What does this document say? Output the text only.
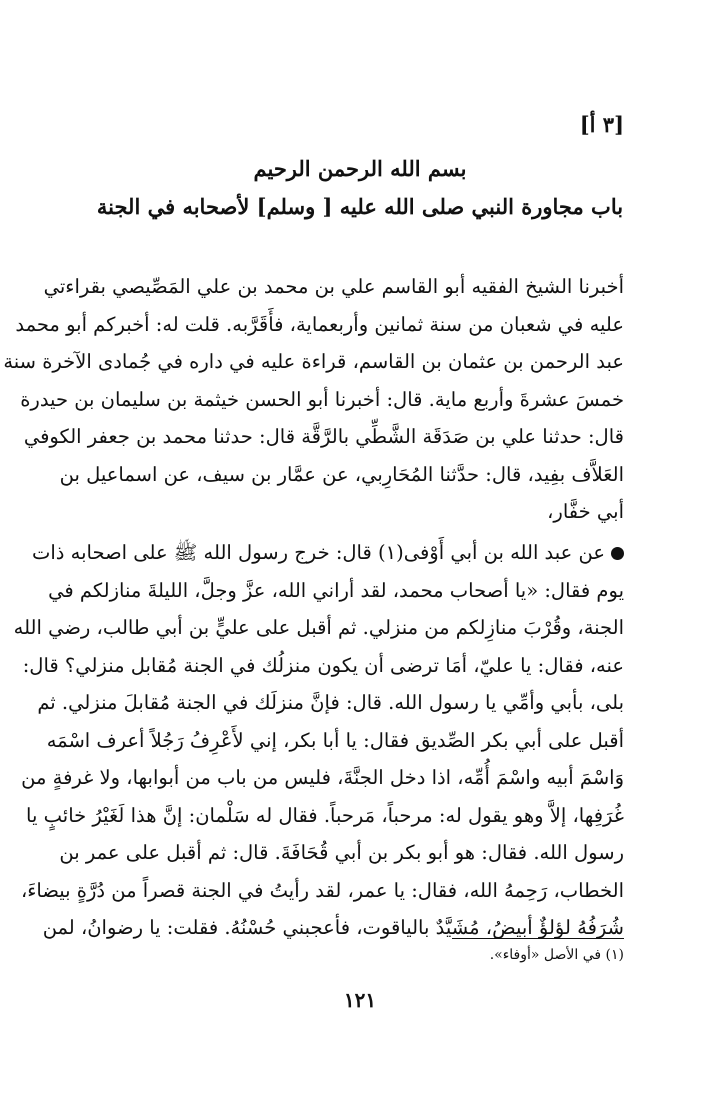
[٣ أ]
بسم الله الرحمن الرحيم
باب مجاورة النبي صلى الله عليه [ وسلم] لأصحابه في الجنة
أخبرنا الشيخ الفقيه أبو القاسم علي بن محمد بن علي المَصِّيصي بقراءتي
عليه في شعبان من سنة ثمانين وأربعماية، فأَقَرَّبه. قلت له: أخبركم أبو محمد
عبد الرحمن بن عثمان بن القاسم، قراءة عليه في داره في جُمادى الآخرة سنة
خمسَ عشرةَ وأربع ماية. قال: أخبرنا أبو الحسن خيثمة بن سليمان بن حيدرة
قال: حدثنا علي بن صَدَقَة الشَّطِّي بالرَّقَّة قال: حدثنا محمد بن جعفر الكوفي
العَلاَّف بفِيد، قال: حدَّثنا المُحَارِبي، عن عمَّار بن سيف، عن اسماعيل بن
أبي خفَّار،
عن عبد الله بن أبي أَوْفى(١) قال: خرج رسول الله ﷺ على اصحابه ذات
يوم فقال: «يا أصحاب محمد، لقد أراني الله، عزَّ وجلَّ، الليلةَ منازلكم في
الجنة، وقُرْبَ منازِلكم من منزلي. ثم أقبل على عليٍّ بن أبي طالب، رضي الله
عنه، فقال: يا عليّ، أمَا ترضى أن يكون منزلُك في الجنة مُقابل منزلي؟ قال:
بلى، بأبي وأمِّي يا رسول الله. قال: فإنَّ منزلَك في الجنة مُقابلَ منزلي. ثم
أقبل على أبي بكر الصِّديق فقال: يا أبا بكر، إني لأَعْرِفُ رَجُلاً أعرف اسْمَه
وَاسْمَ أبيه واسْمَ أُمِّه، اذا دخل الجنَّةَ، فليس من باب من أبوابها، ولا غرفةٍ من
غُرَفِها، إلاَّ وهو يقول له: مرحباً، مَرحباً. فقال له سَلْمان: إنَّ هذا لَغَيْرُ خائبٍ يا
رسول الله. فقال: هو أبو بكر بن أبي قُحَافَةَ. قال: ثم أقبل على عمر بن
الخطاب، رَحِمهُ الله، فقال: يا عمر، لقد رأيتُ في الجنة قصراً من دُرَّةٍ بيضاءَ،
شُرَفُهُ لؤلؤٌ أبيضُ، مُشَيَّدٌ بالياقوت، فأعجبني حُسْنُهُ. فقلت: يا رضوانُ، لمن
(١) في الأصل «أوفاء».
١٢١
